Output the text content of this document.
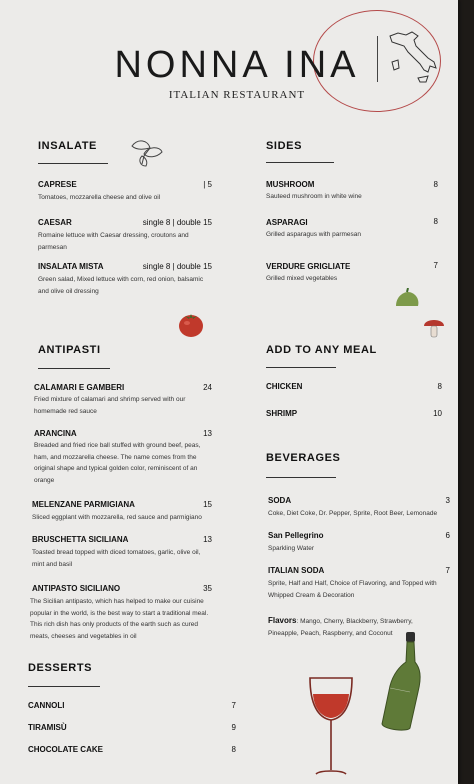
NONNA INA
ITALIAN RESTAURANT
INSALATE
CAPRESE	| 5
Tomatoes, mozzarella cheese and olive oil
CAESAR	single 8 | double 15
Romaine lettuce with Caesar dressing, croutons and parmesan
INSALATA MISTA	single 8 | double 15
Green salad, Mixed lettuce with corn, red onion, balsamic and olive oil dressing
SIDES
MUSHROOM	8
Sauteed mushroom in white wine
ASPARAGI	8
Grilled asparagus with parmesan
VERDURE GRIGLIATE	7
Grilled mixed vegetables
ANTIPASTI
CALAMARI E GAMBERI	24
Fried mixture of calamari and shrimp served with our homemade red sauce
ARANCINA	13
Breaded and fried rice ball stuffed with ground beef, peas, ham, and mozzarella cheese. The name comes from the original shape and typical golden color, reminiscent of an orange
MELENZANE PARMIGIANA	15
Sliced eggplant with mozzarella, red sauce and parmigiano
BRUSCHETTA SICILIANA	13
Toasted bread topped with diced tomatoes, garlic, olive oil, mint and basil
ANTIPASTO SICILIANO	35
The Sicilian antipasto, which has helped to make our cuisine popular in the world, is the best way to start a traditional meal. This rich dish has only products of the earth such as cured meats, cheeses and vegetables in oil
ADD TO ANY MEAL
CHICKEN	8
SHRIMP	10
BEVERAGES
SODA	3
Coke, Diet Coke, Dr. Pepper, Sprite, Root Beer, Lemonade
San Pellegrino	6
Sparkling Water
ITALIAN SODA	7
Sprite, Half and Half, Choice of Flavoring, and Topped with Whipped Cream & Decoration
Flavors: Mango, Cherry, Blackberry, Strawberry, Pineapple, Peach, Raspberry, and Coconut
DESSERTS
CANNOLI	7
TIRAMISÙ	9
CHOCOLATE CAKE	8
